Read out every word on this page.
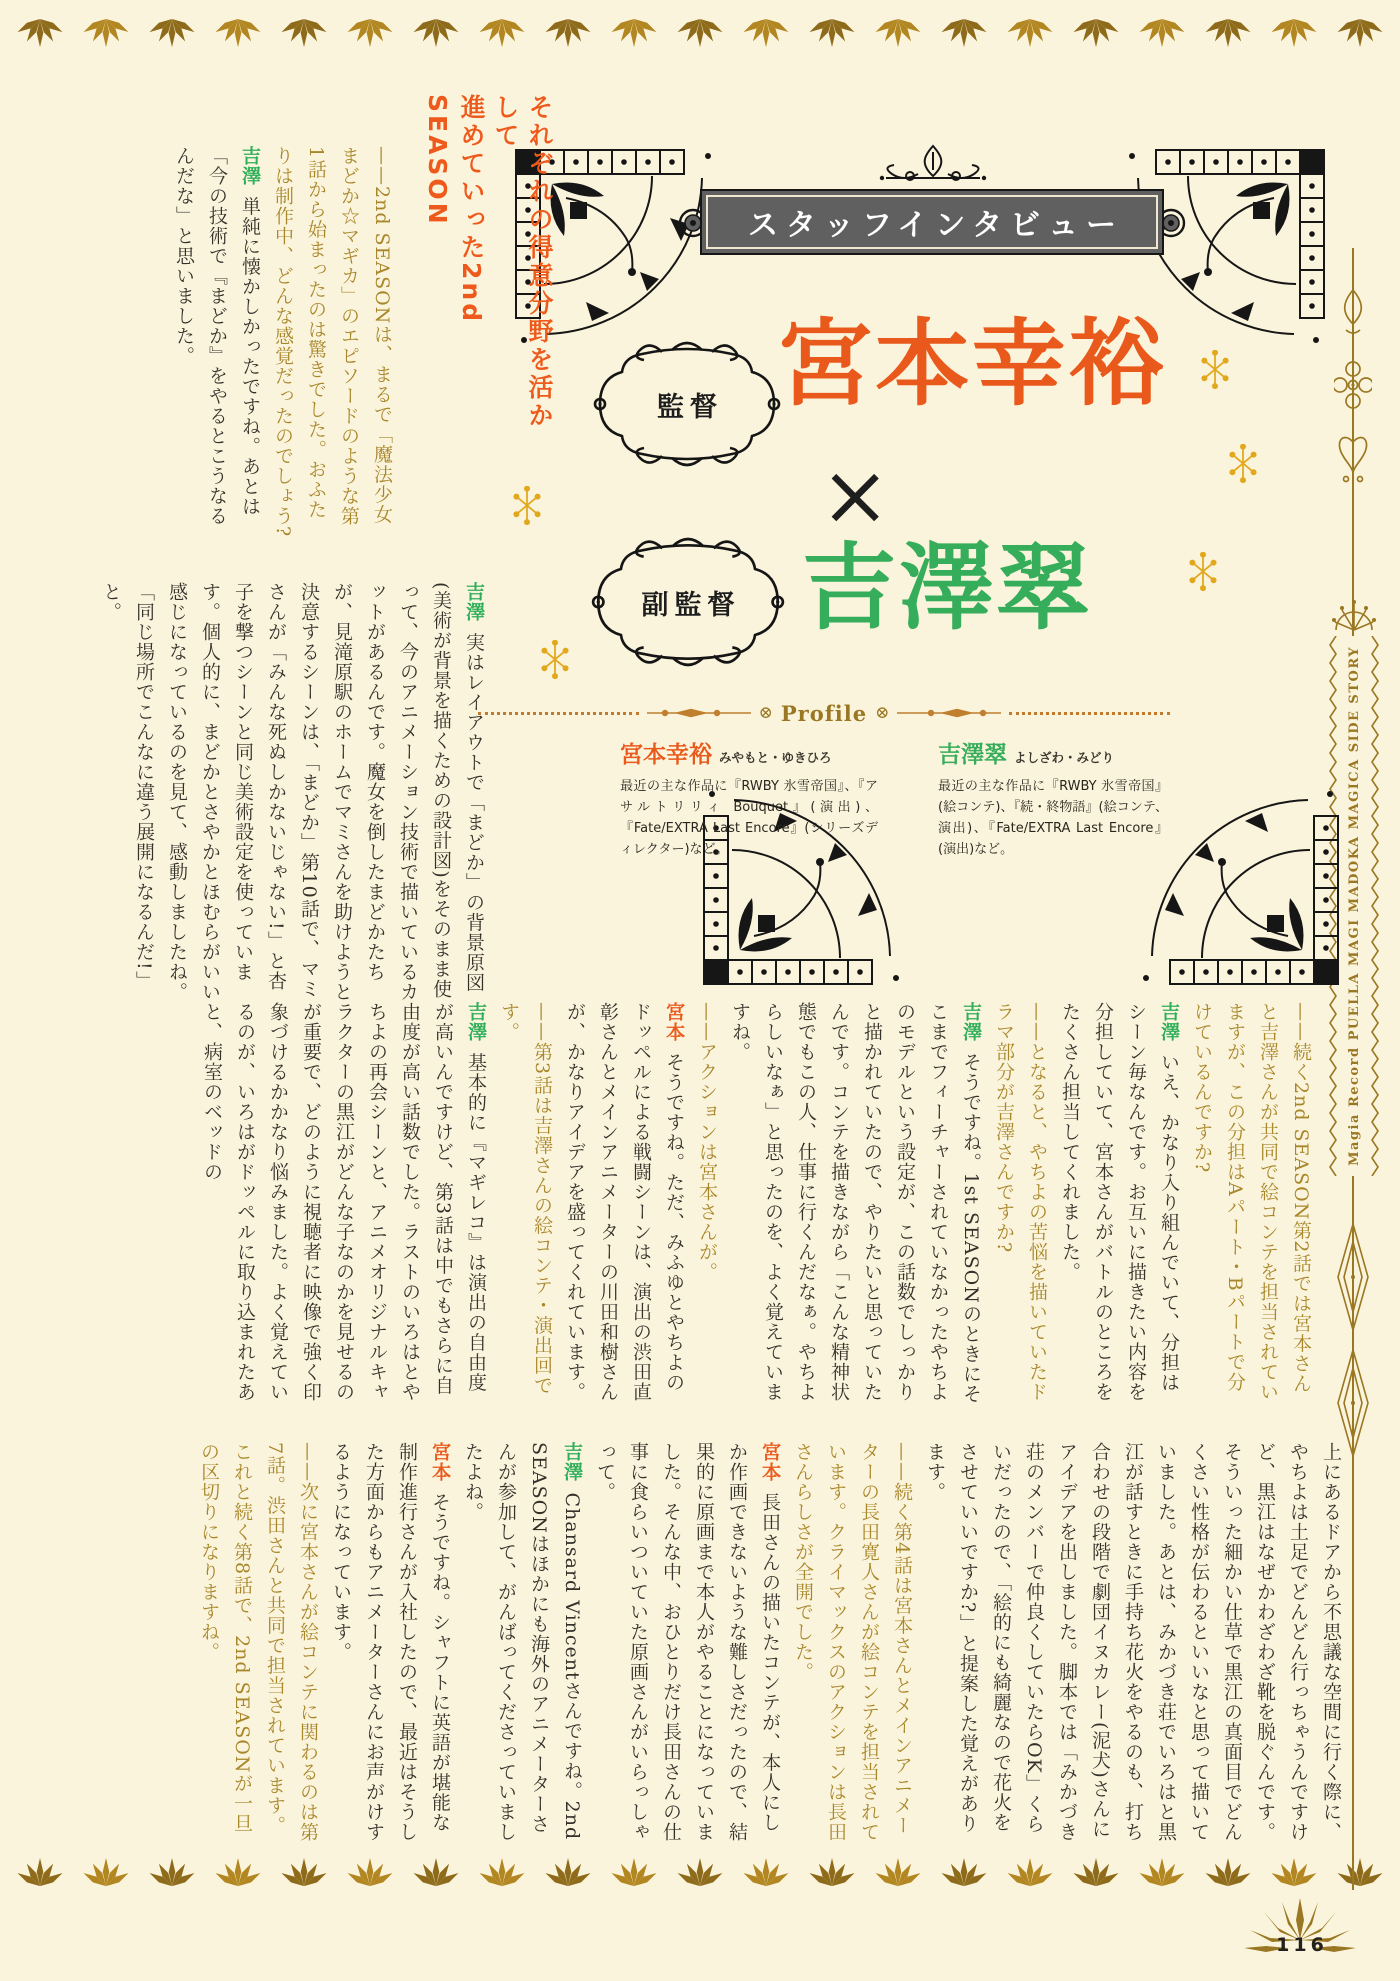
Magia Record PUELLA MAGI MADOKA MAGICA SIDE STORY
スタッフインタビュー
監督 宮本幸裕
×
副監督 吉澤翠
それぞれの得意分野を活かして
進めていった2nd SEASON
⊗ Profile ⊗
宮本幸裕 みやもと・ゆきひろ
最近の主な作品に『RWBY 氷雪帝国』、『アサルトリリィ Bouquet』(演出)、『Fate/EXTRA Last Encore』(シリーズディレクター)など。
吉澤翠 よしざわ・みどり
最近の主な作品に『RWBY 氷雪帝国』(絵コンテ)、『続・終物語』(絵コンテ、演出)、『Fate/EXTRA Last Encore』(演出)など。

——2nd SEASONは、まるで「魔法少女まどか☆マギカ」のエピソードのような第1話から始まったのは驚きでした。おふたりは制作中、どんな感覚だったのでしょう?

吉澤 単純に懐かしかったですね。あとは「今の技術で『まどか』をやるとこうなるんだな」と思いました。

吉澤 実はレイアウトで「まどか」の背景原図(美術が背景を描くための設計図)をそのまま使って、今のアニメーション技術で描いているカットがあるんです。魔女を倒したまどかたちが、見滝原駅のホームでマミさんを助けようと決意するシーンは、「まどか」第10話で、マミさんが「みんな死ぬしかないじゃない!」と杏子を撃つシーンと同じ美術設定を使っています。個人的に、まどかとさやかとほむらがいい感じになっているのを見て、感動しましたね。「同じ場所でこんなに違う展開になるんだ!」と。

——続く2nd SEASON第2話では宮本さんと吉澤さんが共同で絵コンテを担当されていますが、この分担はAパート・Bパートで分けているんですか?

吉澤 いえ、かなり入り組んでいて、分担はシーン毎なんです。お互いに描きたい内容を分担していて、宮本さんがバトルのところをたくさん担当してくれました。

——となると、やちよの苦悩を描いていたドラマ部分が吉澤さんですか?

吉澤 そうですね。1st SEASONのときにそこまでフィーチャーされていなかったやちよのモデルという設定が、この話数でしっかりと描かれていたので、やりたいと思っていたんです。コンテを描きながら「こんな精神状態でもこの人、仕事に行くんだなぁ。やちよらしいなぁ」と思ったのを、よく覚えていますね。

——アクションは宮本さんが。

宮本 そうですね。ただ、みふゆとやちよのドッペルによる戦闘シーンは、演出の渋田直彰さんとメインアニメーターの川田和樹さんが、かなりアイデアを盛ってくれています。

——第3話は吉澤さんの絵コンテ・演出回です。

吉澤 基本的に『マギレコ』は演出の自由度が高いんですけど、第3話は中でもさらに自由度が高い話数でした。ラストのいろはとやちよの再会シーンと、アニメオリジナルキャラクターの黒江がどんな子なのかを見せるのが重要で、どのように視聴者に映像で強く印象づけるかかなり悩みました。よく覚えているのが、いろはがドッペルに取り込まれたあと、病室のベッドの

上にあるドアから不思議な空間に行く際に、やちよは土足でどんどん行っちゃうんですけど、黒江はなぜかわざわざ靴を脱ぐんです。そういった細かい仕草で黒江の真面目でどんくさい性格が伝わるといいなと思って描いていました。あとは、みかづき荘でいろはと黒江が話すときに手持ち花火をやるのも、打ち合わせの段階で劇団イヌカレー(泥犬)さんにアイデアを出しました。脚本では「みかづき荘のメンバーで仲良くしていたらOK」くらいだったので、「絵的にも綺麗なので花火をさせていいですか?」と提案した覚えがあります。

——続く第4話は宮本さんとメインアニメーターの長田寛人さんが絵コンテを担当されています。クライマックスのアクションは長田さんらしさが全開でした。

宮本 長田さんの描いたコンテが、本人にしか作画できないような難しさだったので、結果的に原画まで本人がやることになっていました。そんな中、おひとりだけ長田さんの仕事に食らいついていた原画さんがいらっしゃって。

吉澤 Chansard Vincentさんですね。2nd SEASONはほかにも海外のアニメーターさんが参加して、がんばってくださっていましたよね。

宮本 そうですね。シャフトに英語が堪能な制作進行さんが入社したので、最近はそうした方面からもアニメーターさんにお声がけするようになっています。

——次に宮本さんが絵コンテに関わるのは第7話。渋田さんと共同で担当されています。これと続く第8話で、2nd SEASONが一旦の区切りになりますね。

116
